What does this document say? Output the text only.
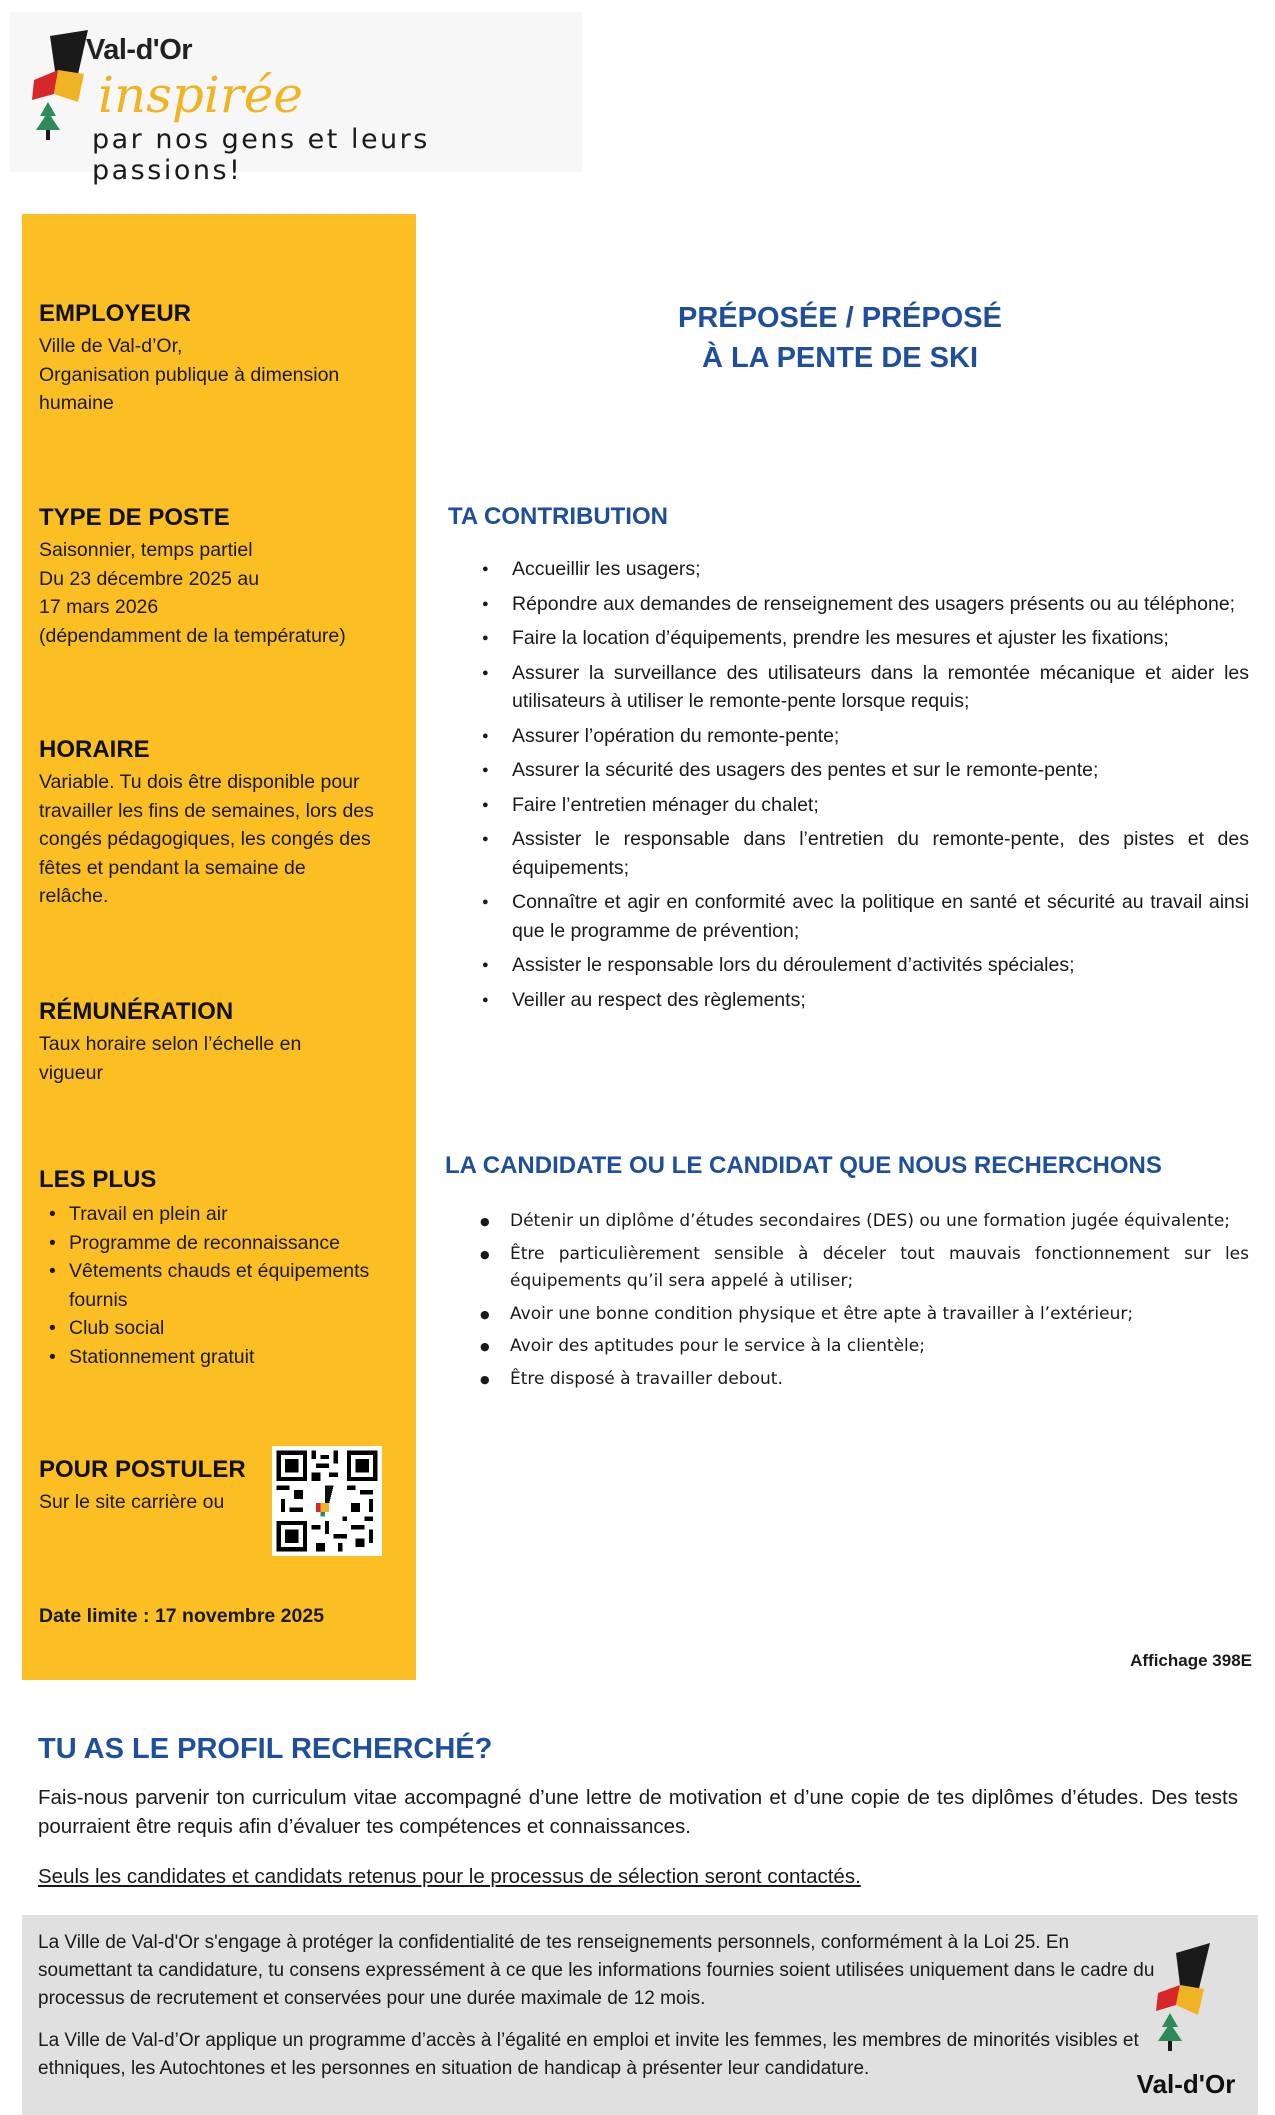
Val-d'Or
inspirée
par nos gens et leurs passions!
EMPLOYEUR

Ville de Val-d’Or,

Organisation publique à dimension

humaine

TYPE DE POSTE

Saisonnier, temps partiel

Du 23 décembre 2025 au

17 mars 2026

(dépendamment de la température)

HORAIRE

Variable. Tu dois être disponible pour

travailler les fins de semaines, lors des

congés pédagogiques, les congés des

fêtes et pendant la semaine de

relâche.

RÉMUNÉRATION

Taux horaire selon l’échelle en

vigueur

LES PLUS
• Travail en plein air
• Programme de reconnaissance
• Vêtements chauds et équipements fournis
• Club social
• Stationnement gratuit
POUR POSTULER

Sur le site carrière ou

Date limite : 17 novembre 2025

PRÉPOSÉE / PRÉPOSÉ
À LA PENTE DE SKI
TA CONTRIBUTION
● Accueillir les usagers;
● Répondre aux demandes de renseignement des usagers présents ou au téléphone;
● Faire la location d’équipements, prendre les mesures et ajuster les fixations;
● Assurer la surveillance des utilisateurs dans la remontée mécanique et aider les utilisateurs à utiliser le remonte-pente lorsque requis;
● Assurer l’opération du remonte-pente;
● Assurer la sécurité des usagers des pentes et sur le remonte-pente;
● Faire l’entretien ménager du chalet;
● Assister le responsable dans l’entretien du remonte-pente, des pistes et des équipements;
● Connaître et agir en conformité avec la politique en santé et sécurité au travail ainsi que le programme de prévention;
● Assister le responsable lors du déroulement d’activités spéciales;
● Veiller au respect des règlements;
LA CANDIDATE OU LE CANDIDAT QUE NOUS RECHERCHONS
● Détenir un diplôme d’études secondaires (DES) ou une formation jugée équivalente;
● Être particulièrement sensible à déceler tout mauvais fonctionnement sur les équipements qu’il sera appelé à utiliser;
● Avoir une bonne condition physique et être apte à travailler à l’extérieur;
● Avoir des aptitudes pour le service à la clientèle;
● Être disposé à travailler debout.
Affichage 398E
TU AS LE PROFIL RECHERCHÉ?

Fais-nous parvenir ton curriculum vitae accompagné d’une lettre de motivation et d’une copie de tes diplômes d’études. Des tests pourraient être requis afin d’évaluer tes compétences et connaissances.

Seuls les candidates et candidats retenus pour le processus de sélection seront contactés.

La Ville de Val-d'Or s'engage à protéger la confidentialité de tes renseignements personnels, conformément à la Loi 25. En soumettant ta candidature, tu consens expressément à ce que les informations fournies soient utilisées uniquement dans le cadre du processus de recrutement et conservées pour une durée maximale de 12 mois.

La Ville de Val-d’Or applique un programme d’accès à l’égalité en emploi et invite les femmes, les membres de minorités visibles et ethniques, les Autochtones et les personnes en situation de handicap à présenter leur candidature.

Val-d'Or
